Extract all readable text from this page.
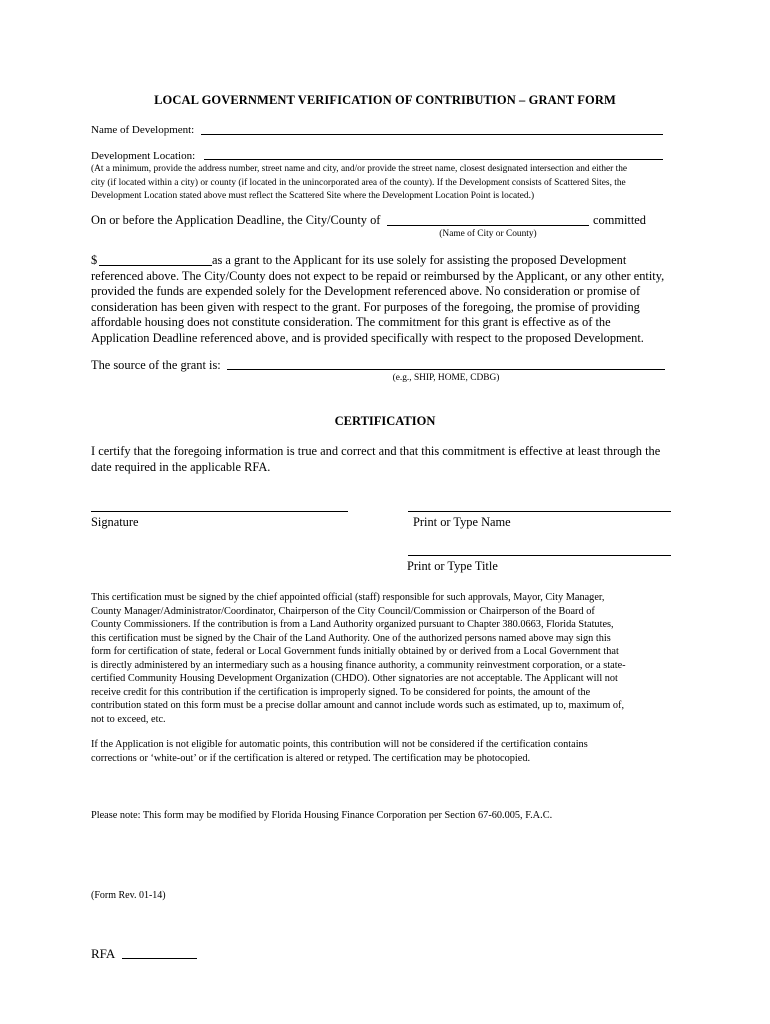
LOCAL GOVERNMENT VERIFICATION OF CONTRIBUTION – GRANT FORM
Name of Development:
Development Location:
(At a minimum, provide the address number, street name and city, and/or provide the street name, closest designated intersection and either the
city (if located within a city) or county (if located in the unincorporated area of the county). If the Development consists of Scattered Sites, the
Development Location stated above must reflect the Scattered Site where the Development Location Point is located.)
On or before the Application Deadline, the City/County of	committed
(Name of City or County)
$	as a grant to the Applicant for its use solely for assisting the proposed Development
referenced above. The City/County does not expect to be repaid or reimbursed by the Applicant, or any other entity,
provided the funds are expended solely for the Development referenced above. No consideration or promise of
consideration has been given with respect to the grant. For purposes of the foregoing, the promise of providing
affordable housing does not constitute consideration. The commitment for this grant is effective as of the
Application Deadline referenced above, and is provided specifically with respect to the proposed Development.
The source of the grant is:
(e.g., SHIP, HOME, CDBG)
CERTIFICATION
I certify that the foregoing information is true and correct and that this commitment is effective at least through the
date required in the applicable RFA.
Signature	Print or Type Name
Print or Type Title
This certification must be signed by the chief appointed official (staff) responsible for such approvals, Mayor, City Manager,
County Manager/Administrator/Coordinator, Chairperson of the City Council/Commission or Chairperson of the Board of
County Commissioners. If the contribution is from a Land Authority organized pursuant to Chapter 380.0663, Florida Statutes,
this certification must be signed by the Chair of the Land Authority. One of the authorized persons named above may sign this
form for certification of state, federal or Local Government funds initially obtained by or derived from a Local Government that
is directly administered by an intermediary such as a housing finance authority, a community reinvestment corporation, or a state-
certified Community Housing Development Organization (CHDO). Other signatories are not acceptable. The Applicant will not
receive credit for this contribution if the certification is improperly signed. To be considered for points, the amount of the
contribution stated on this form must be a precise dollar amount and cannot include words such as estimated, up to, maximum of,
not to exceed, etc.
If the Application is not eligible for automatic points, this contribution will not be considered if the certification contains
corrections or ‘white-out’ or if the certification is altered or retyped. The certification may be photocopied.
Please note: This form may be modified by Florida Housing Finance Corporation per Section 67-60.005, F.A.C.
(Form Rev. 01-14)
RFA
